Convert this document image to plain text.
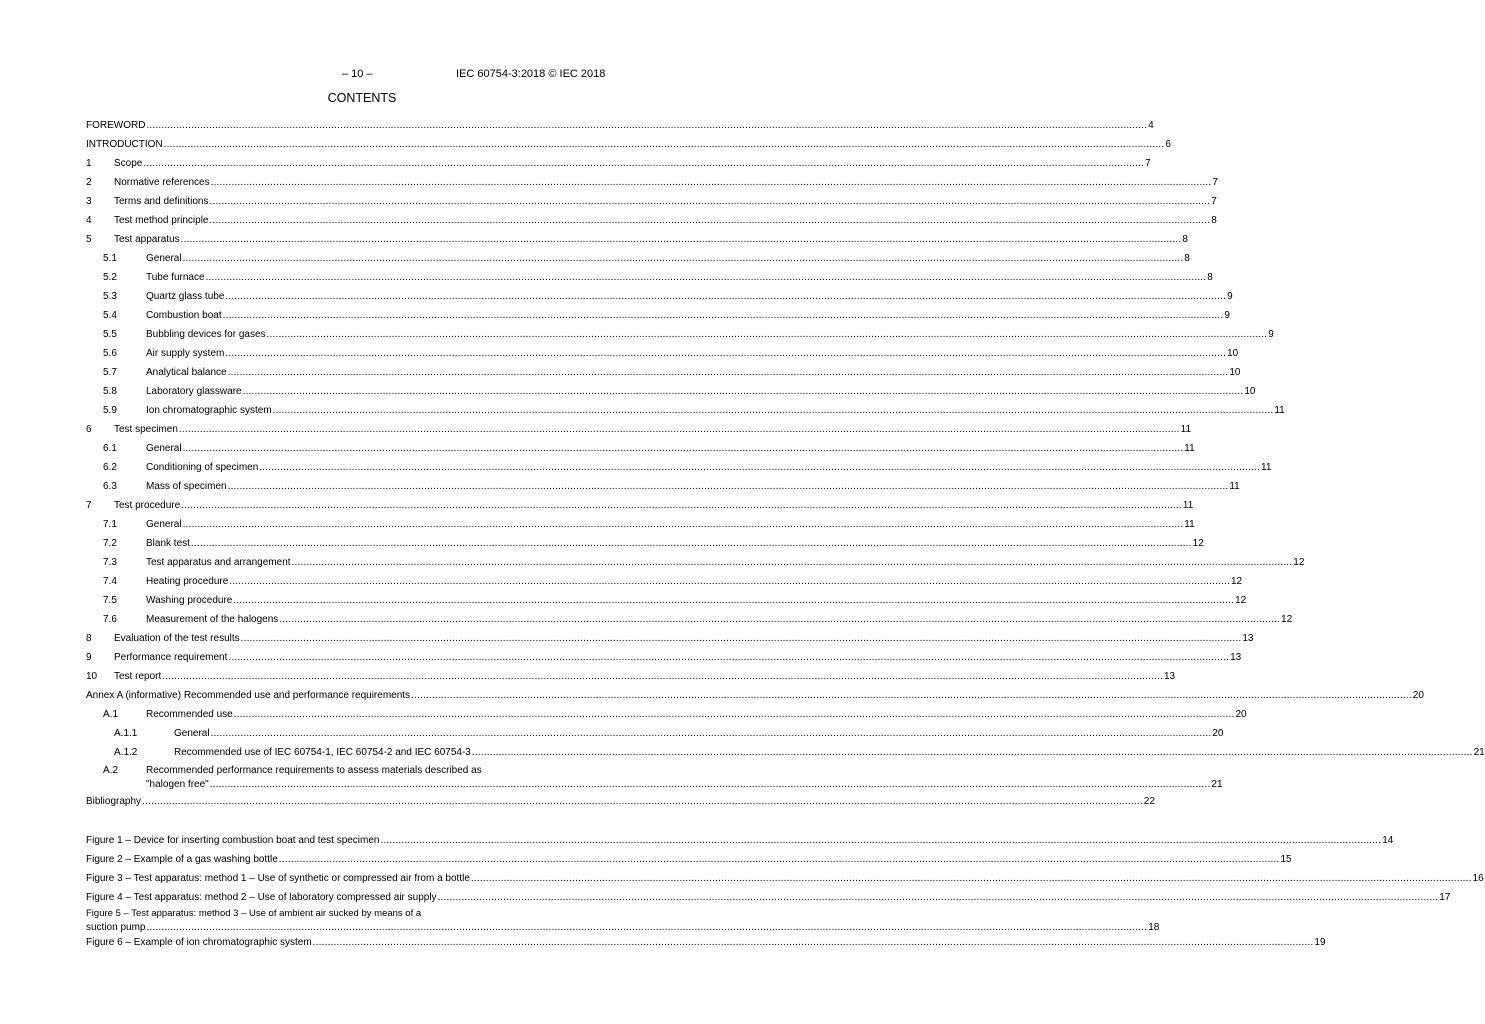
– 10 –	IEC 60754-3:2018 © IEC 2018
CONTENTS
FOREWORD .....	4
INTRODUCTION .....	6
1 Scope .....	7
2 Normative references .....	7
3 Terms and definitions .....	7
4 Test method principle .....	8
5 Test apparatus .....	8
5.1	General .....	8
5.2	Tube furnace .....	8
5.3	Quartz glass tube .....	9
5.4	Combustion boat .....	9
5.5	Bubbling devices for gases .....	9
5.6	Air supply system .....	10
5.7	Analytical balance .....	10
5.8	Laboratory glassware .....	10
5.9	Ion chromatographic system .....	11
6 Test specimen .....	11
6.1	General .....	11
6.2	Conditioning of specimen .....	11
6.3	Mass of specimen .....	11
7 Test procedure .....	11
7.1	General .....	11
7.2	Blank test .....	12
7.3	Test apparatus and arrangement .....	12
7.4	Heating procedure .....	12
7.5	Washing procedure .....	12
7.6	Measurement of the halogens .....	12
8 Evaluation of the test results .....	13
9 Performance requirement .....	13
10 Test report .....	13
Annex A (informative) Recommended use and performance requirements .....	20
A.1	Recommended use .....	20
A.1.1	General .....	20
A.1.2	Recommended use of IEC 60754-1, IEC 60754-2 and IEC 60754-3 .....	21
A.2	Recommended performance requirements to assess materials described as
"halogen free" .....	21
Bibliography .....	22
Figure 1 – Device for inserting combustion boat and test specimen .....	14
Figure 2 – Example of a gas washing bottle .....	15
Figure 3 – Test apparatus: method 1 – Use of synthetic or compressed air from a bottle .....	16
Figure 4 – Test apparatus: method 2 – Use of laboratory compressed air supply .....	17
Figure 5 – Test apparatus: method 3 – Use of ambient air sucked by means of a
suction pump .....	18
Figure 6 – Example of ion chromatographic system .....	19
